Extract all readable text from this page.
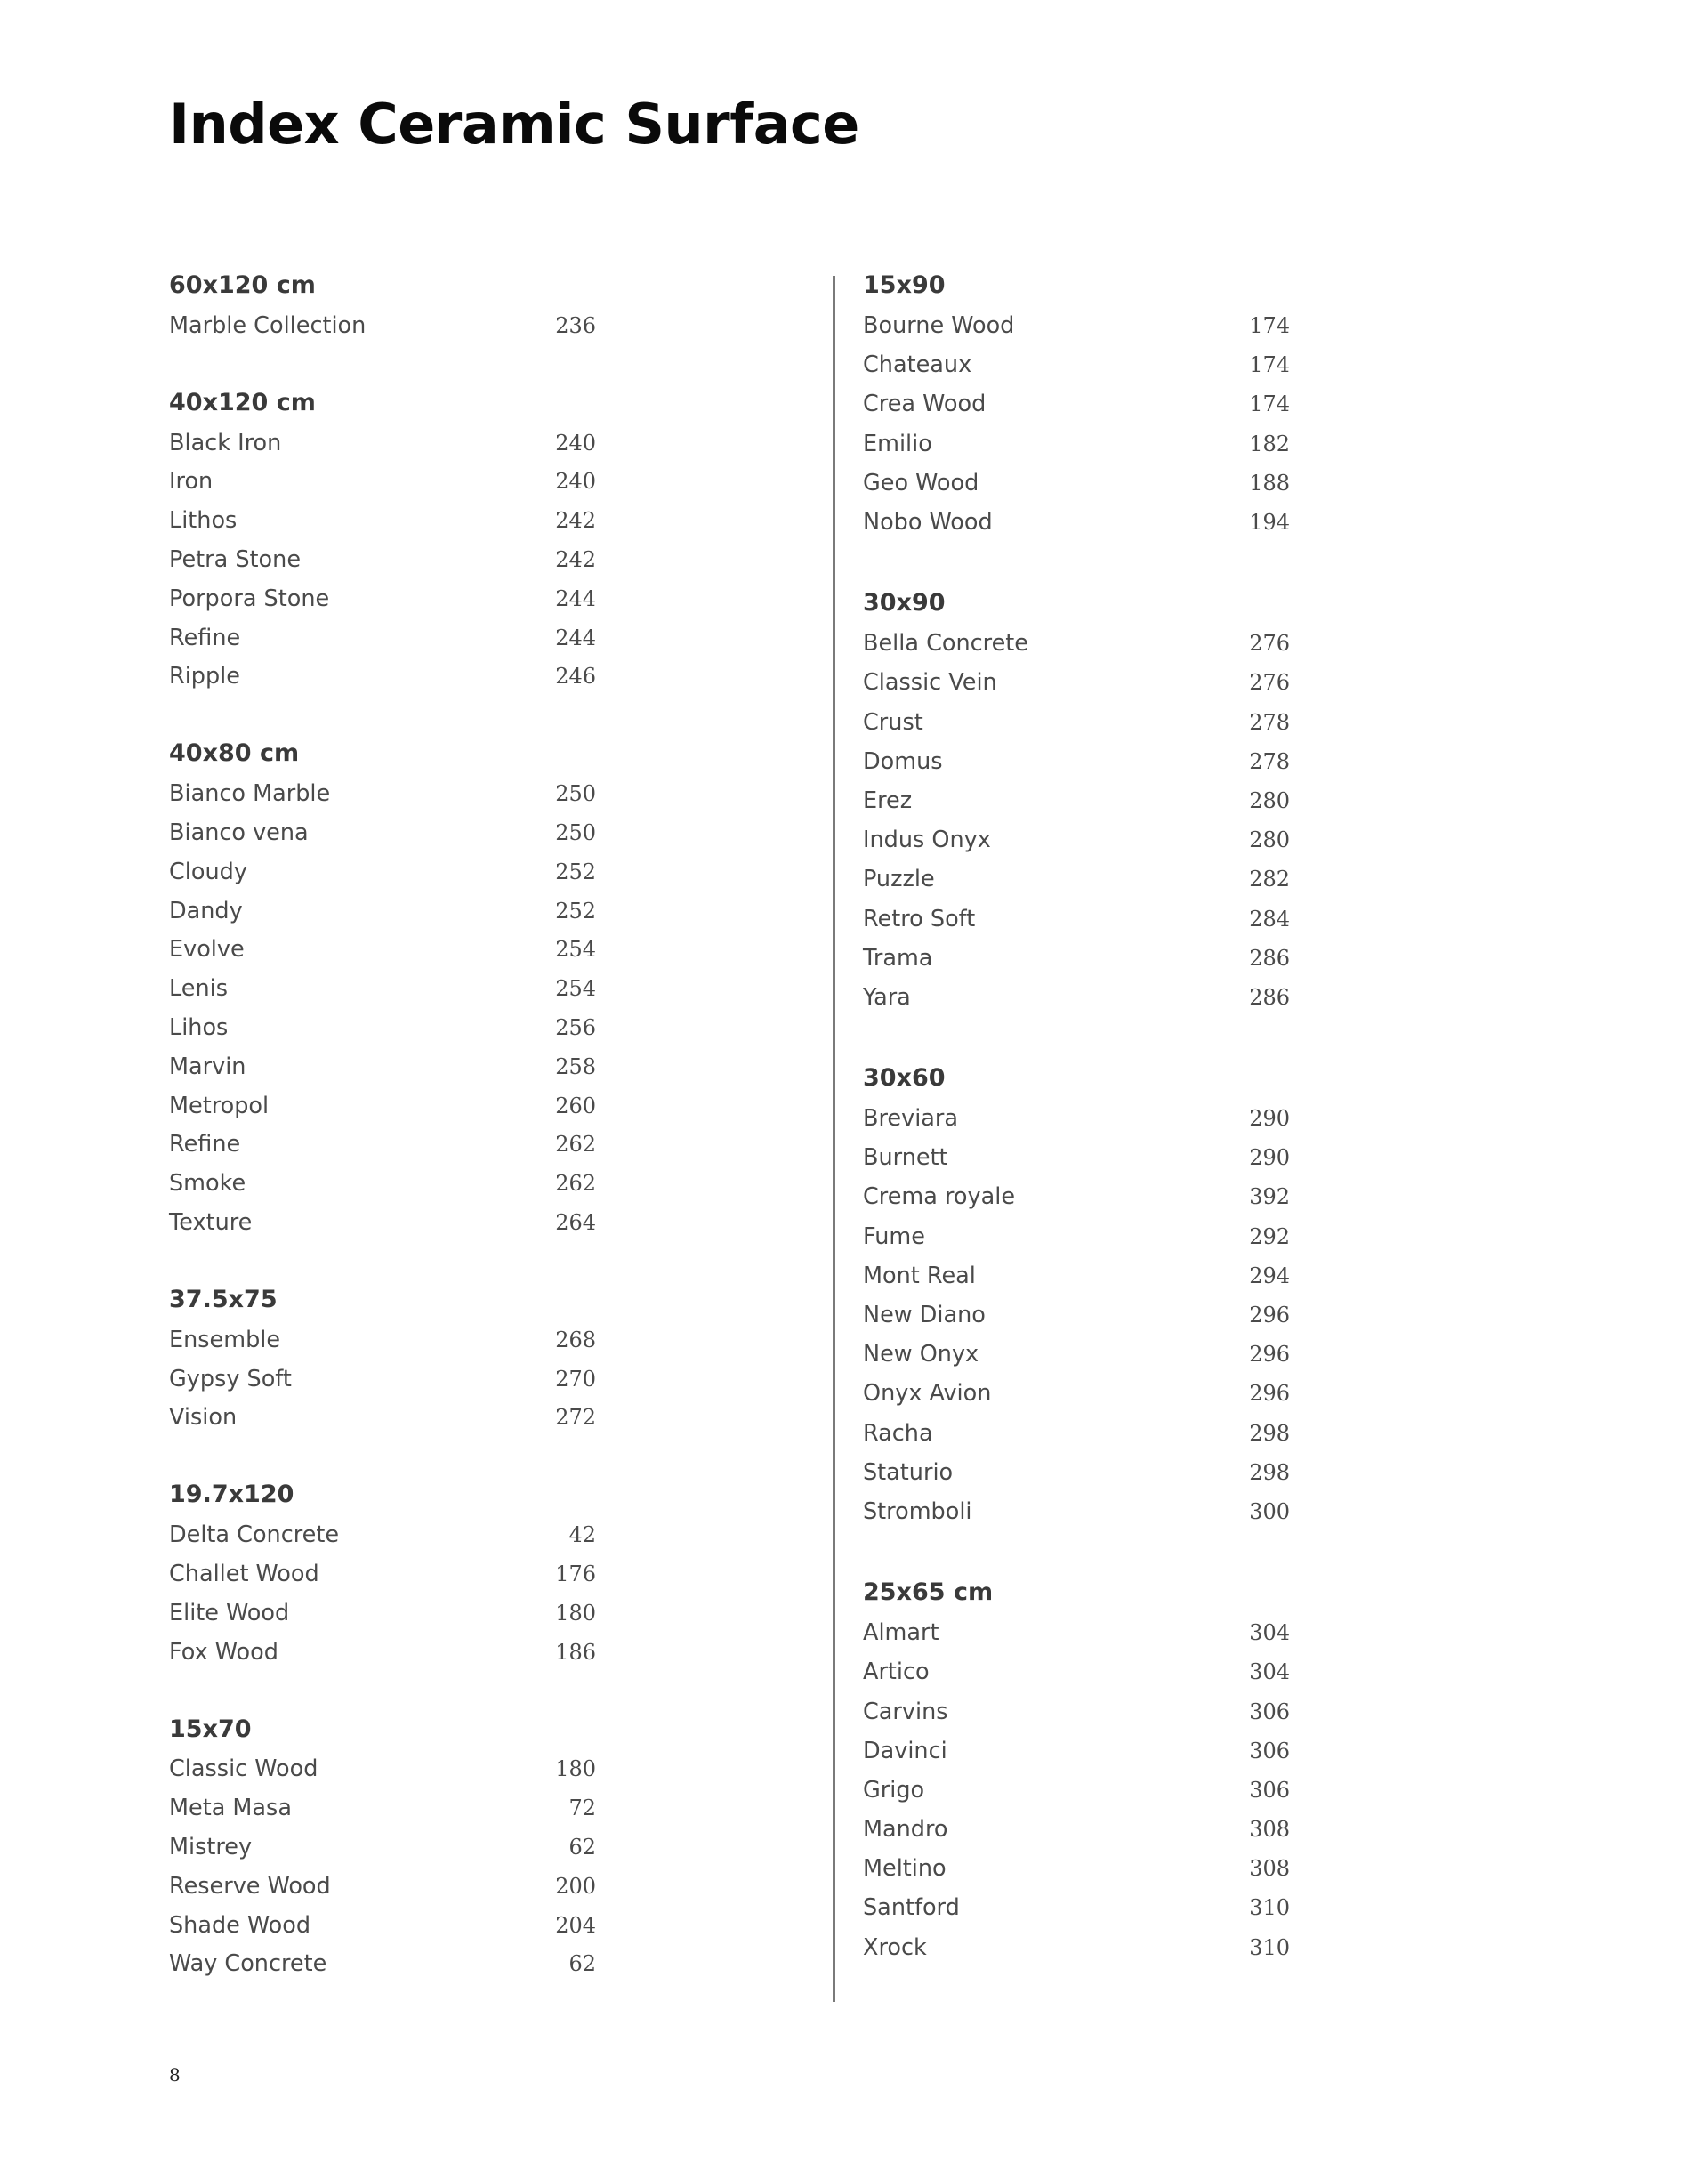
Index Ceramic Surface
60x120 cm
Marble Collection	236
40x120 cm
Black Iron	240
Iron	240
Lithos	242
Petra Stone	242
Porpora Stone	244
Refine	244
Ripple	246
40x80 cm
Bianco Marble	250
Bianco vena	250
Cloudy	252
Dandy	252
Evolve	254
Lenis	254
Lihos	256
Marvin	258
Metropol	260
Refine	262
Smoke	262
Texture	264
37.5x75
Ensemble	268
Gypsy Soft	270
Vision	272
19.7x120
Delta Concrete	42
Challet Wood	176
Elite Wood	180
Fox Wood	186
15x70
Classic Wood	180
Meta Masa	72
Mistrey	62
Reserve Wood	200
Shade Wood	204
Way Concrete	62
15x90
Bourne Wood	174
Chateaux	174
Crea Wood	174
Emilio	182
Geo Wood	188
Nobo Wood	194
30x90
Bella Concrete	276
Classic Vein	276
Crust	278
Domus	278
Erez	280
Indus Onyx	280
Puzzle	282
Retro Soft	284
Trama	286
Yara	286
30x60
Breviara	290
Burnett	290
Crema royale	392
Fume	292
Mont Real	294
New Diano	296
New Onyx	296
Onyx Avion	296
Racha	298
Staturio	298
Stromboli	300
25x65 cm
Almart	304
Artico	304
Carvins	306
Davinci	306
Grigo	306
Mandro	308
Meltino	308
Santford	310
Xrock	310
8
